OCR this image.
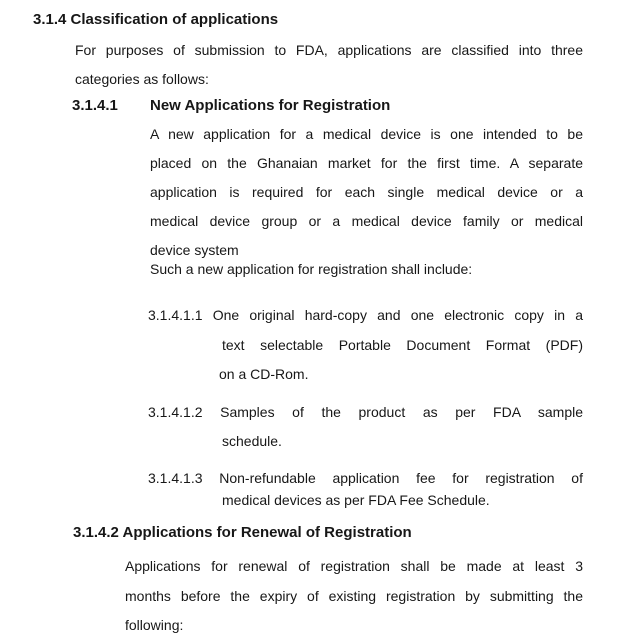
3.1.4 Classification of applications
For purposes of submission to FDA, applications are classified into three
categories as follows:
3.1.4.1 New Applications for Registration
A new application for a medical device is one intended to be
placed on the Ghanaian market for the first time. A separate
application is required for each single medical device or a
medical device group or a medical device family or medical
device system
Such a new application for registration shall include:
3.1.4.1.1 One original hard-copy and one electronic copy in a
text selectable Portable Document Format (PDF)
on a CD-Rom.
3.1.4.1.2 Samples of the product as per FDA sample
schedule.
3.1.4.1.3 Non-refundable application fee for registration of
medical devices as per FDA Fee Schedule.
3.1.4.2 Applications for Renewal of Registration
Applications for renewal of registration shall be made at least 3
months before the expiry of existing registration by submitting the
following:
